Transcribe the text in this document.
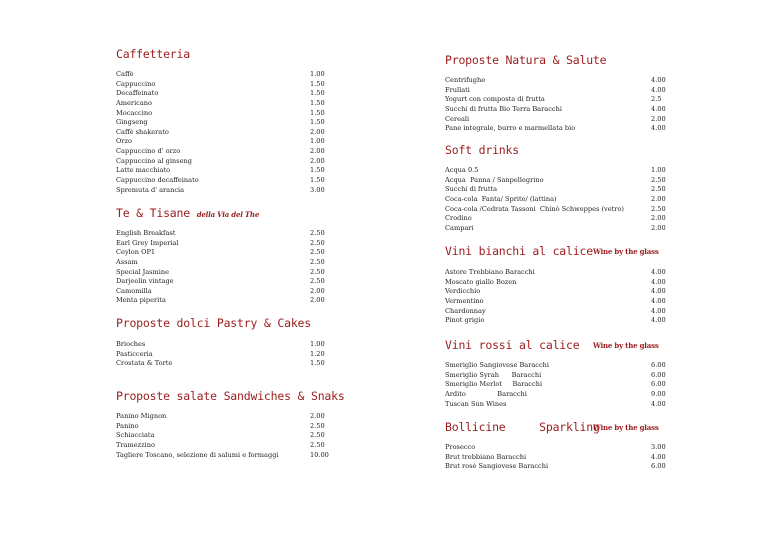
Caffetteria
Caffè	1.00
Cappuccino	1.50
Decaffeinato	1.50
Americano	1.50
Mocaccino	1.50
Gingseng	1.50
Caffè shakerato	2.00
Orzo	1.00
Cappuccino d' orzo	2.00
Cappuccino al ginseng	2.00
Latte macchiato	1.50
Cappuccino decaffeinato	1.50
Spremuta d' arancia	3.00
Te & Tisane della Via del The
English Breakfast	2.50
Earl Grey Imperial	2.50
Ceylon OP1	2.50
Assam	2.50
Special Jasmine	2.50
Darjeelin vintage	2.50
Camomilla	2.00
Menta piperita	2.00
Proposte dolci Pastry & Cakes
Brioches	1.00
Pasticceria	1.20
Crostata & Torte	1.50
Proposte salate Sandwiches & Snaks
Panino Mignon	2.00
Panino	2.50
Schiacciata	2.50
Tramezzino	2.50
Tagliere Toscano, selezione di salumi e formaggi	10.00
Proposte Natura & Salute
Centrifughe	4.00
Frullati	4.00
Yogurt con composta di frutta	2.5
Succhi di frutta Bio Terra Baracchi	4.00
Cereali	2.00
Pane integrale, burro e marmellata bio	4.00
Soft drinks
Acqua 0.5	1.00
Acqua  Panna / Sanpellegrino	2.50
Succhi di frutta	2.50
Coca-cola  Fanta/ Sprite/ (lattina)	2.00
Coca-cola /Cedrata Tassoni  Chinò Schweppes (vetro)	2.50
Crodino	2.00
Campari	2.00
Vini bianchi al calice Wine by the glass
Astore Trebbiano Baracchi	4.00
Moscato giallo Bozen	4.00
Verdicchio	4.00
Vermentino	4.00
Chardonnay	4.00
Pinot grigio	4.00
Vini rossi al calice Wine by the glass
Smeriglio Sangiovese Baracchi	6.00
Smeriglio Syrah      Baracchi	6.00
Smeriglio Merlot     Baracchi	6.00
Ardito               Baracchi	9.00
Tuscan Sun Wines	4.00
Bollicine     Sparkling
Wine by the glass
Prosecco	3.00
Brut trebbiano Baracchi	4.00
Brut rosè Sangiovese Baracchi	6.00
